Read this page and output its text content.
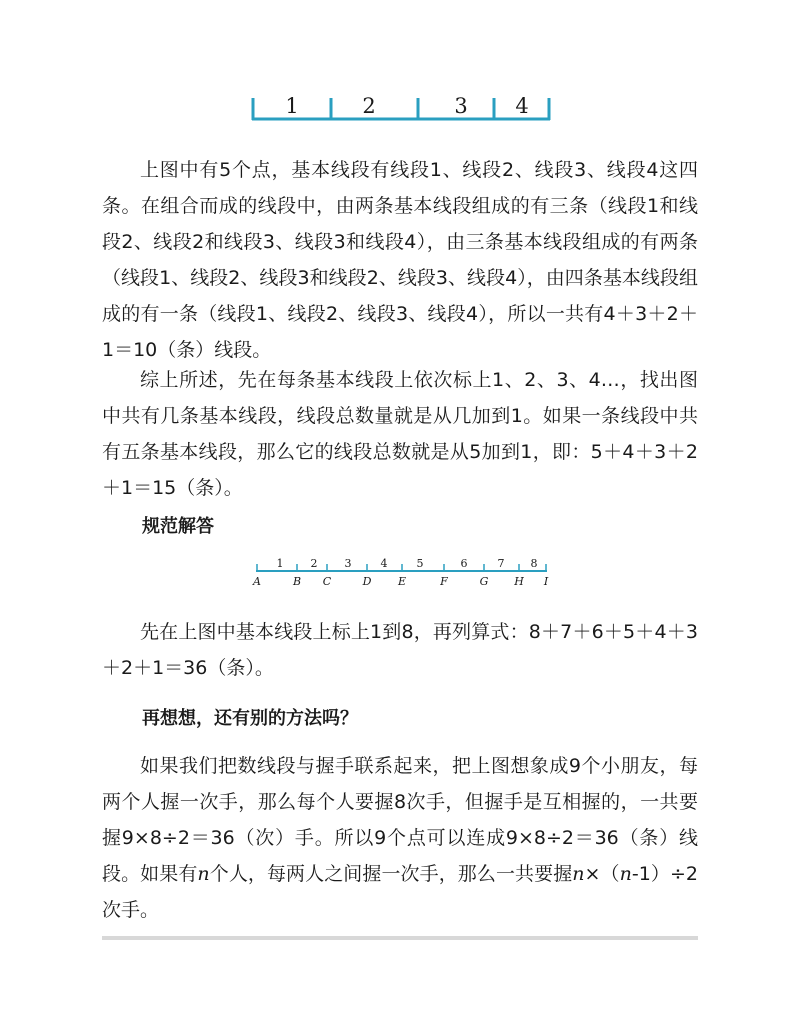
1	2	3 4

上图中有5个点，基本线段有线段1、线段2、线段3、线段4这四条。在组合而成的线段中，由两条基本线段组成的有三条（线段1和线段2、线段2和线段3、线段3和线段4），由三条基本线段组成的有两条（线段1、线段2、线段3和线段2、线段3、线段4），由四条基本线段组成的有一条（线段1、线段2、线段3、线段4），所以一共有4＋3＋2＋1＝10（条）线段。

综上所述，先在每条基本线段上依次标上1、2、3、4…，找出图中共有几条基本线段，线段总数量就是从几加到1。如果一条线段中共有五条基本线段，那么它的线段总数就是从5加到1，即：5＋4＋3＋2＋1＝15（条）。

规范解答

1 2 3	4	5	6	7 8
A	B C	D E	F	G H I

先在上图中基本线段上标上1到8，再列算式：8＋7＋6＋5＋4＋3＋2＋1＝36（条）。

再想想，还有别的方法吗？

如果我们把数线段与握手联系起来，把上图想象成9个小朋友，每两个人握一次手，那么每个人要握8次手，但握手是互相握的，一共要握9×8÷2＝36（次）手。所以9个点可以连成9×8÷2＝36（条）线段。如果有n个人，每两人之间握一次手，那么一共要握n×（n-1）÷2次手。
